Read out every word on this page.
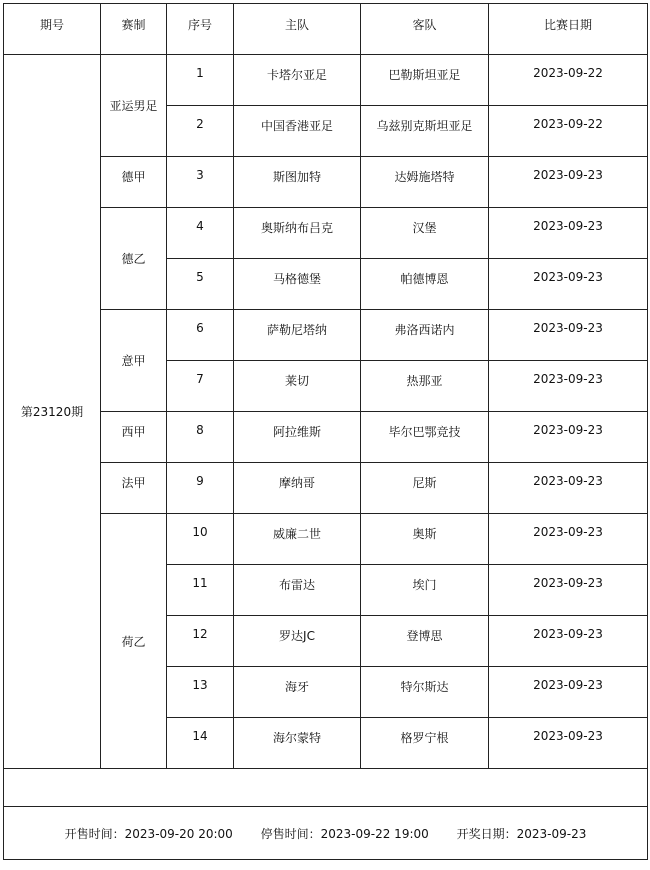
期号	赛制	序号	主队	客队	比赛日期
第23120期	亚运男足	1	卡塔尔亚足	巴勒斯坦亚足	2023-09-22
		2	中国香港亚足	乌兹别克斯坦亚足	2023-09-22
	德甲	3	斯图加特	达姆施塔特	2023-09-23
	德乙	4	奥斯纳布吕克	汉堡	2023-09-23
		5	马格德堡	帕德博恩	2023-09-23
	意甲	6	萨勒尼塔纳	弗洛西诺内	2023-09-23
		7	莱切	热那亚	2023-09-23
	西甲	8	阿拉维斯	毕尔巴鄂竞技	2023-09-23
	法甲	9	摩纳哥	尼斯	2023-09-23
	荷乙	10	威廉二世	奥斯	2023-09-23
		11	布雷达	埃门	2023-09-23
		12	罗达JC	登博思	2023-09-23
		13	海牙	特尔斯达	2023-09-23
		14	海尔蒙特	格罗宁根	2023-09-23

开售时间：2023-09-20 20:00 停售时间：2023-09-22 19:00 开奖日期：2023-09-23					
